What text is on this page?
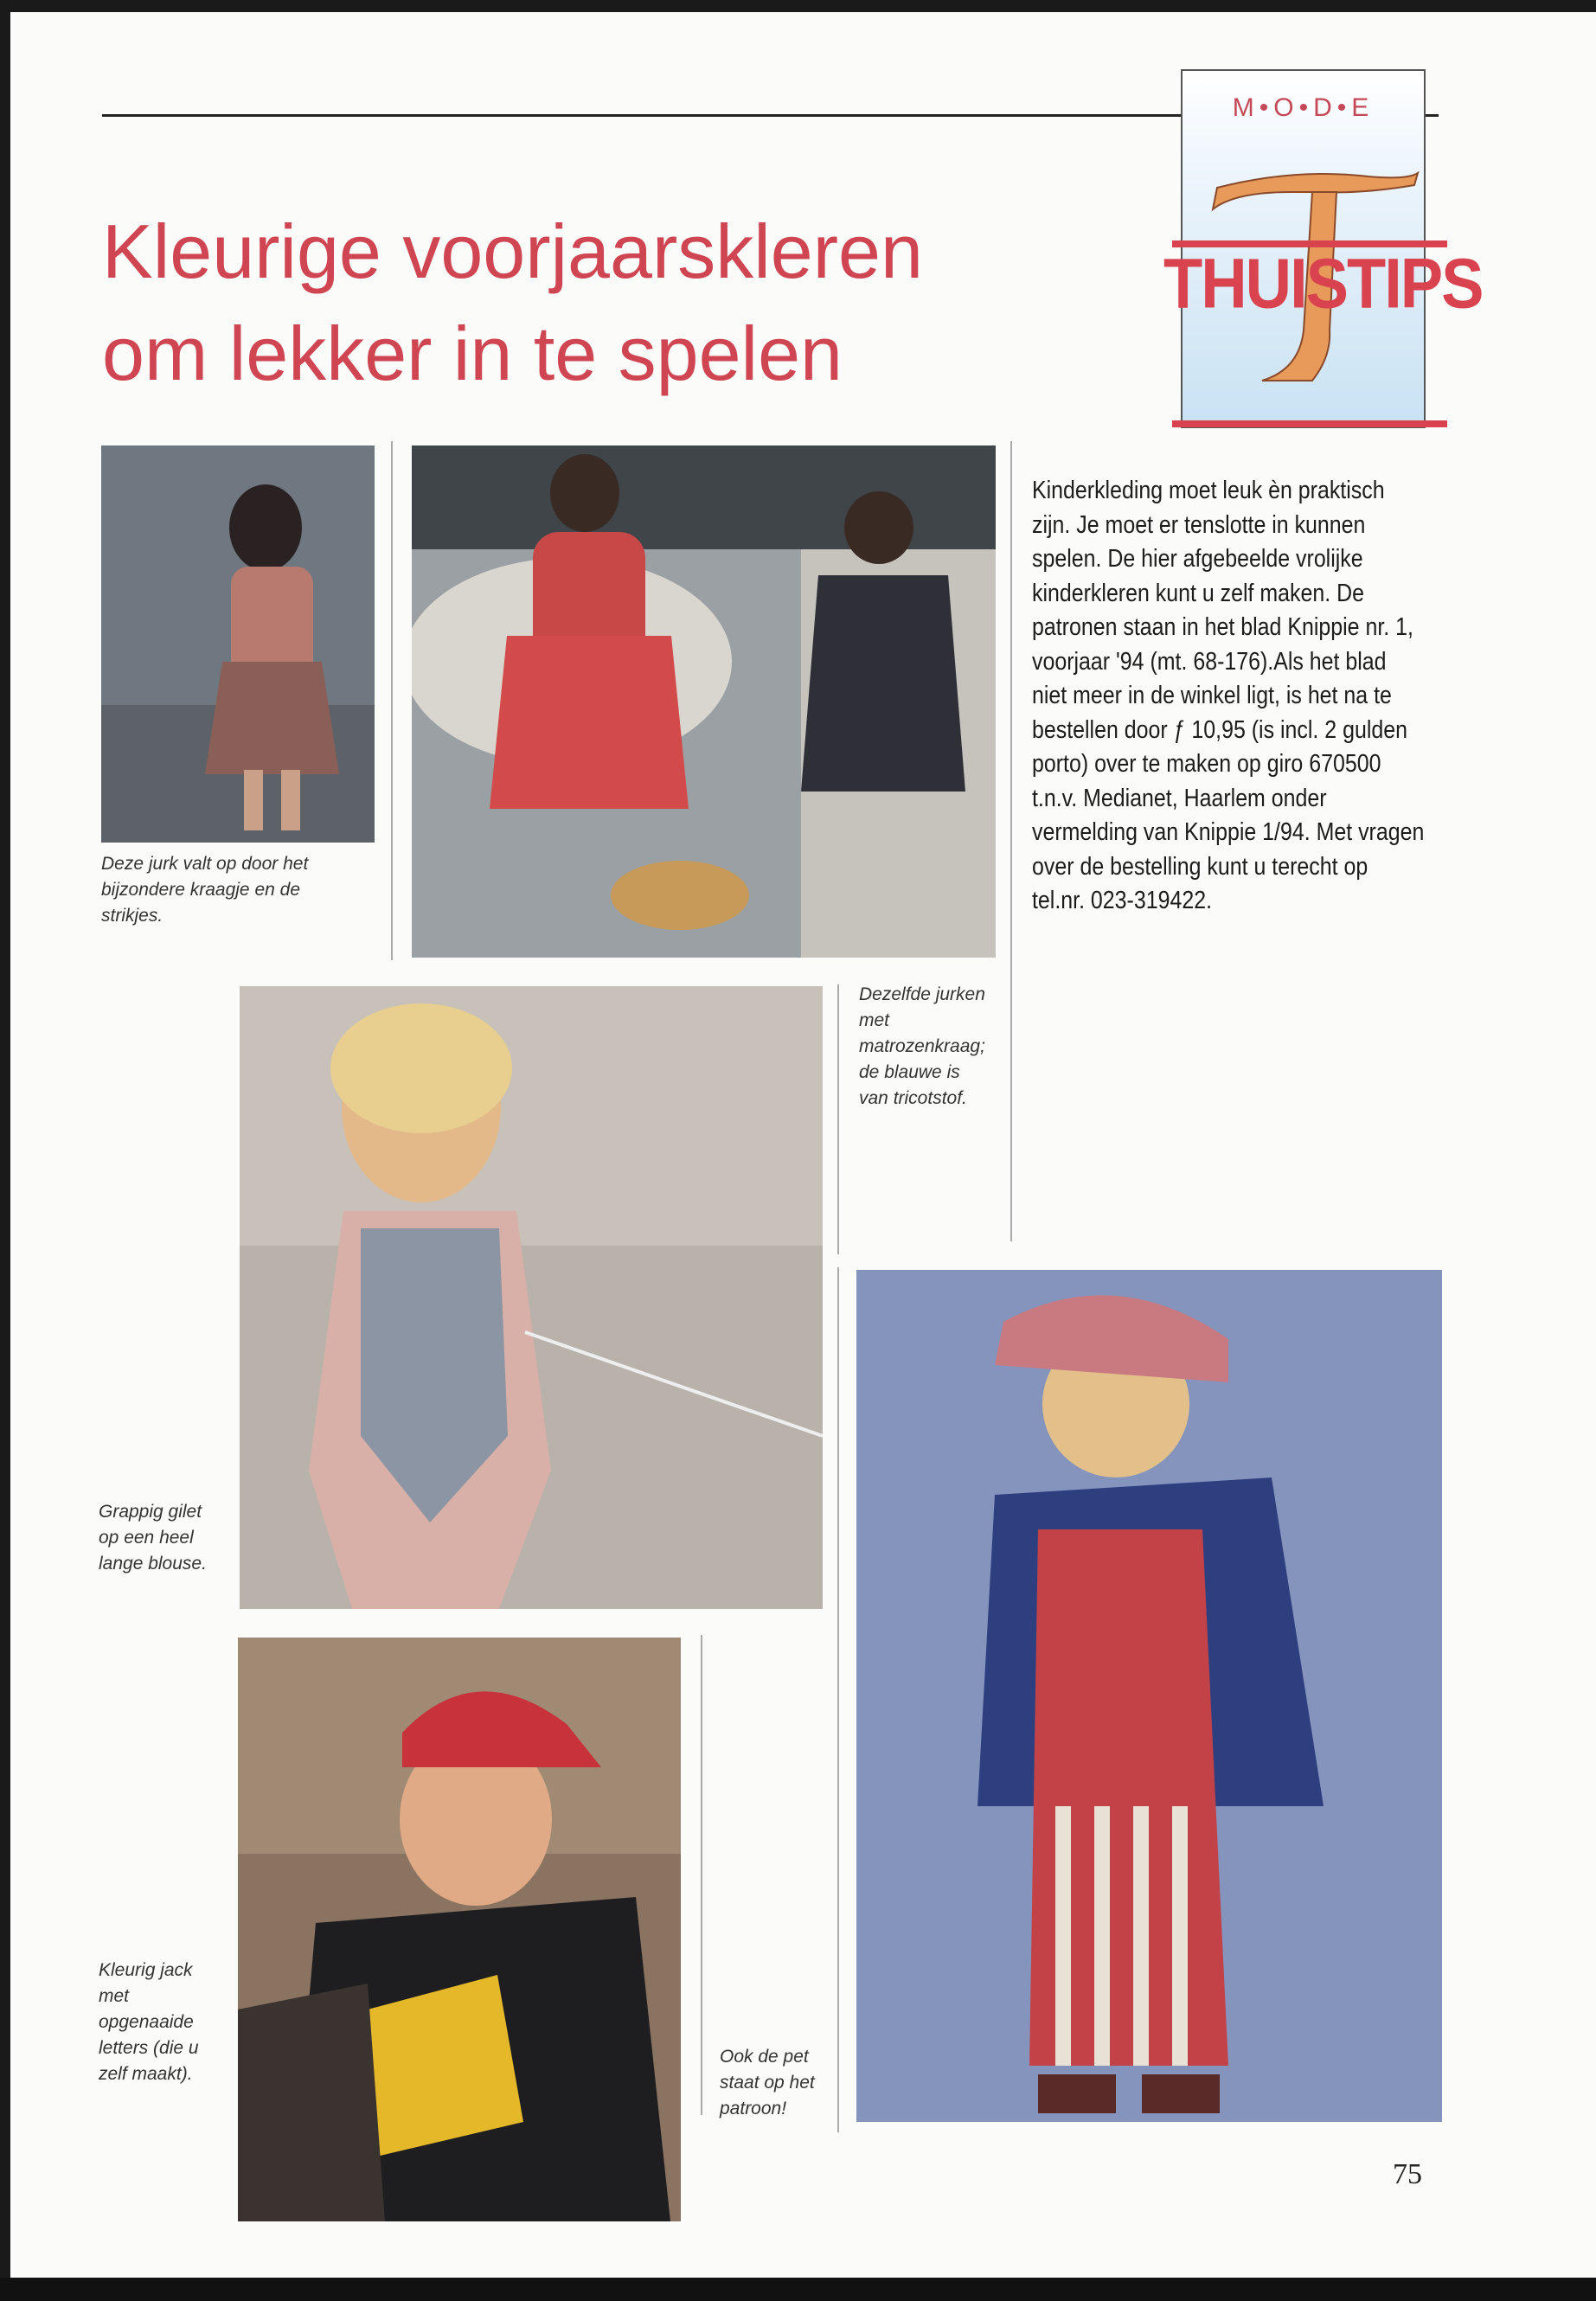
M•O•D•E
THUISTIPS
Kleurige voorjaarskleren
om lekker in te spelen

Deze jurk valt op door het bijzondere kraagje en de strikjes.

Dezelfde jurken met matrozenkraag; de blauwe is van tricotstof.

Grappig gilet op een heel lange blouse.

Kleurig jack met opgenaaide letters (die u zelf maakt).

Ook de pet staat op het patroon!

Kinderkleding moet leuk èn praktisch zijn. Je moet er tenslotte in kunnen spelen. De hier afgebeelde vrolijke kinderkleren kunt u zelf maken. De patronen staan in het blad Knippie nr. 1, voorjaar '94 (mt. 68-176).Als het blad niet meer in de winkel ligt, is het na te bestellen door ƒ 10,95 (is incl. 2 gulden porto) over te maken op giro 670500 t.n.v. Medianet, Haarlem onder vermelding van Knippie 1/94. Met vragen over de bestelling kunt u terecht op tel.nr. 023-319422.

75
